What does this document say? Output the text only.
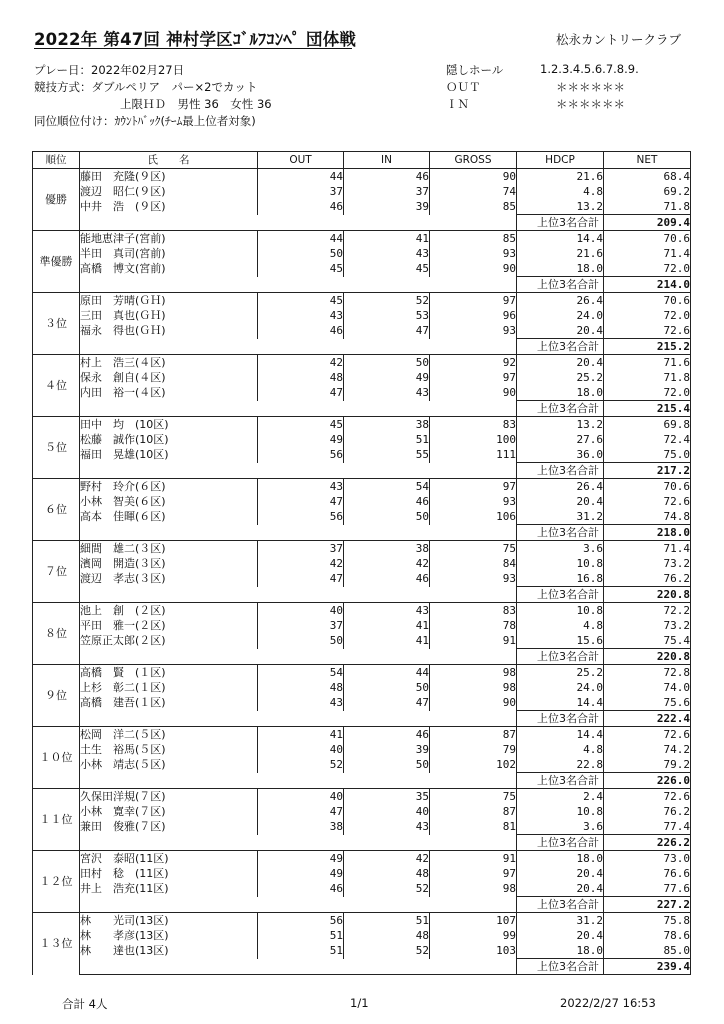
2022年 第47回 神村学区ｺﾞﾙﾌｺﾝﾍﾟ 団体戦	松永カントリークラブ
プレー日：2022年02月27日
競技方式：ダブルペリア　パー×2でカット
上限ＨＤ　男性 36　女性 36
同位順位付け：ｶｳﾝﾄﾊﾞｯｸ(ﾁｰﾑ最上位者対象)
隠しホール	1.2.3.4.5.6.7.8.9.
ＯＵＴ	＊＊＊＊＊＊
ＩＮ	＊＊＊＊＊＊
順位	氏　　名	OUT	IN	GROSS	HDCP	NET
優勝	藤田　充隆(９区)	44	46	90	21.6	68.4
	渡辺　昭仁(９区)	37	37	74	4.8	69.2
	中井　浩　(９区)	46	39	85	13.2	71.8
					上位3名合計	209.4
準優勝	能地恵津子(宮前)	44	41	85	14.4	70.6
	半田　真司(宮前)	50	43	93	21.6	71.4
	高橋　博文(宮前)	45	45	90	18.0	72.0
					上位3名合計	214.0
３位	原田　芳晴(ＧＨ)	45	52	97	26.4	70.6
	三田　真也(ＧＨ)	43	53	96	24.0	72.0
	福永　得也(ＧＨ)	46	47	93	20.4	72.6
					上位3名合計	215.2
４位	村上　浩三(４区)	42	50	92	20.4	71.6
	保永　創自(４区)	48	49	97	25.2	71.8
	内田　裕一(４区)	47	43	90	18.0	72.0
					上位3名合計	215.4
５位	田中　均　(10区)	45	38	83	13.2	69.8
	松藤　誠作(10区)	49	51	100	27.6	72.4
	福田　晃雄(10区)	56	55	111	36.0	75.0
					上位3名合計	217.2
６位	野村　玲介(６区)	43	54	97	26.4	70.6
	小林　智美(６区)	47	46	93	20.4	72.6
	高本　佳暉(６区)	56	50	106	31.2	74.8
					上位3名合計	218.0
７位	細間　雄二(３区)	37	38	75	3.6	71.4
	濱岡　開造(３区)	42	42	84	10.8	73.2
	渡辺　孝志(３区)	47	46	93	16.8	76.2
					上位3名合計	220.8
８位	池上　創　(２区)	40	43	83	10.8	72.2
	平田　雅一(２区)	37	41	78	4.8	73.2
	笠原正太郎(２区)	50	41	91	15.6	75.4
					上位3名合計	220.8
９位	高橋　賢　(１区)	54	44	98	25.2	72.8
	上杉　彰二(１区)	48	50	98	24.0	74.0
	高橋　建吾(１区)	43	47	90	14.4	75.6
					上位3名合計	222.4
１０位	松岡　洋二(５区)	41	46	87	14.4	72.6
	土生　裕馬(５区)	40	39	79	4.8	74.2
	小林　靖志(５区)	52	50	102	22.8	79.2
					上位3名合計	226.0
１１位	久保田洋規(７区)	40	35	75	2.4	72.6
	小林　寛幸(７区)	47	40	87	10.8	76.2
	兼田　俊雅(７区)	38	43	81	3.6	77.4
					上位3名合計	226.2
１２位	宮沢　泰昭(11区)	49	42	91	18.0	73.0
	田村　稔　(11区)	49	48	97	20.4	76.6
	井上　浩充(11区)	46	52	98	20.4	77.6
					上位3名合計	227.2
１３位	林　　光司(13区)	56	51	107	31.2	75.8
	林　　孝彦(13区)	51	48	99	20.4	78.6
	林　　達也(13区)	51	52	103	18.0	85.0
					上位3名合計	239.4
合計 4人	1/1	2022/2/27 16:53
